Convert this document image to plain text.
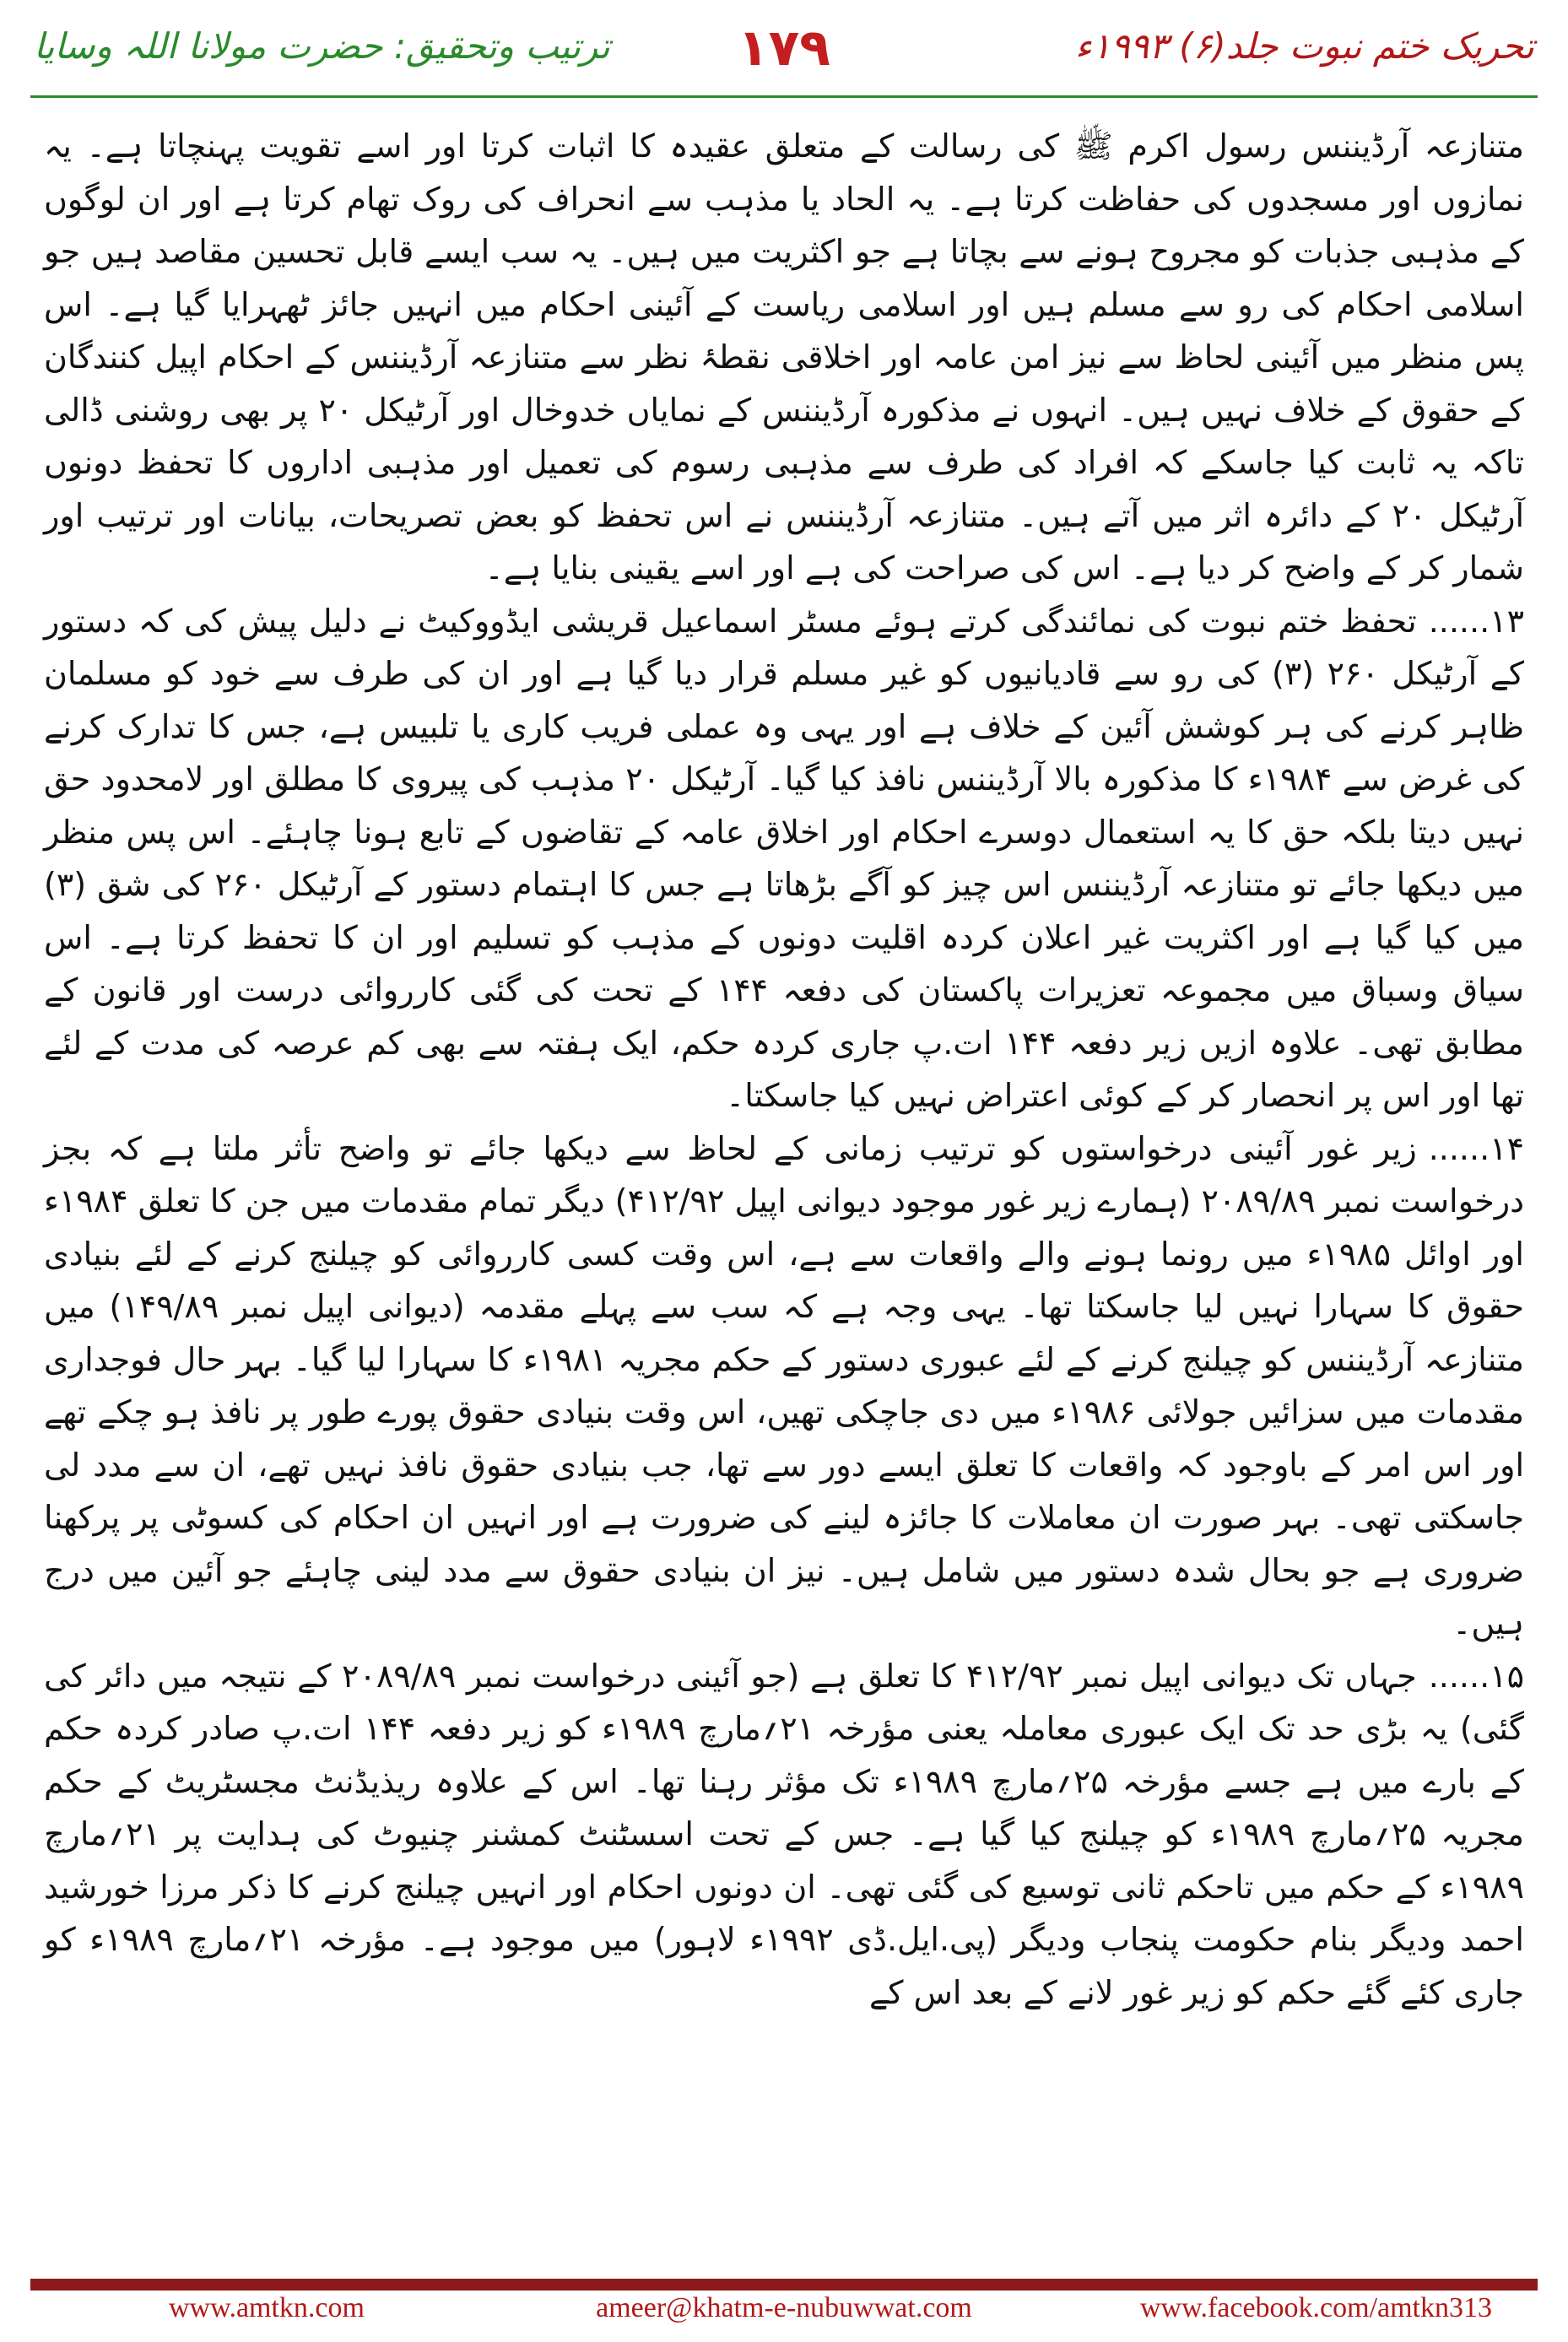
ترتیب وتحقیق: حضرت مولانا اللہ وسایا	۱۷۹	تحریک ختم نبوت جلد(۶) ۱۹۹۳ء

متنازعہ آرڈیننس رسول اکرم ﷺ کی رسالت کے متعلق عقیدہ کا اثبات کرتا اور اسے تقویت پہنچاتا ہے۔ یہ نمازوں اور مسجدوں کی حفاظت کرتا ہے۔ یہ الحاد یا مذہب سے انحراف کی روک تھام کرتا ہے اور ان لوگوں کے مذہبی جذبات کو مجروح ہونے سے بچاتا ہے جو اکثریت میں ہیں۔ یہ سب ایسے قابل تحسین مقاصد ہیں جو اسلامی احکام کی رو سے مسلم ہیں اور اسلامی ریاست کے آئینی احکام میں انہیں جائز ٹھہرایا گیا ہے۔ اس پس منظر میں آئینی لحاظ سے نیز امن عامہ اور اخلاقی نقطۂ نظر سے متنازعہ آرڈیننس کے احکام اپیل کنندگان کے حقوق کے خلاف نہیں ہیں۔ انہوں نے مذکورہ آرڈیننس کے نمایاں خدوخال اور آرٹیکل ۲۰ پر بھی روشنی ڈالی تاکہ یہ ثابت کیا جاسکے کہ افراد کی طرف سے مذہبی رسوم کی تعمیل اور مذہبی اداروں کا تحفظ دونوں آرٹیکل ۲۰ کے دائرہ اثر میں آتے ہیں۔ متنازعہ آرڈیننس نے اس تحفظ کو بعض تصریحات، بیانات اور ترتیب اور شمار کر کے واضح کر دیا ہے۔ اس کی صراحت کی ہے اور اسے یقینی بنایا ہے۔

۱۳......تحفظ ختم نبوت کی نمائندگی کرتے ہوئے مسٹر اسماعیل قریشی ایڈووکیٹ نے دلیل پیش کی کہ دستور کے آرٹیکل ۲۶۰ (۳) کی رو سے قادیانیوں کو غیر مسلم قرار دیا گیا ہے اور ان کی طرف سے خود کو مسلمان ظاہر کرنے کی ہر کوشش آئین کے خلاف ہے اور یہی وہ عملی فریب کاری یا تلبیس ہے، جس کا تدارک کرنے کی غرض سے ۱۹۸۴ء کا مذکورہ بالا آرڈیننس نافذ کیا گیا۔ آرٹیکل ۲۰ مذہب کی پیروی کا مطلق اور لامحدود حق نہیں دیتا بلکہ حق کا یہ استعمال دوسرے احکام اور اخلاق عامہ کے تقاضوں کے تابع ہونا چاہئے۔ اس پس منظر میں دیکھا جائے تو متنازعہ آرڈیننس اس چیز کو آگے بڑھاتا ہے جس کا اہتمام دستور کے آرٹیکل ۲۶۰ کی شق (۳) میں کیا گیا ہے اور اکثریت غیر اعلان کردہ اقلیت دونوں کے مذہب کو تسلیم اور ان کا تحفظ کرتا ہے۔ اس سیاق وسباق میں مجموعہ تعزیرات پاکستان کی دفعہ ۱۴۴ کے تحت کی گئی کارروائی درست اور قانون کے مطابق تھی۔ علاوہ ازیں زیر دفعہ ۱۴۴ ات.پ جاری کردہ حکم، ایک ہفتہ سے بھی کم عرصہ کی مدت کے لئے تھا اور اس پر انحصار کر کے کوئی اعتراض نہیں کیا جاسکتا۔

۱۴......زیر غور آئینی درخواستوں کو ترتیب زمانی کے لحاظ سے دیکھا جائے تو واضح تأثر ملتا ہے کہ بجز درخواست نمبر ۲۰۸۹/۸۹ (ہمارے زیر غور موجود دیوانی اپیل ۴۱۲/۹۲) دیگر تمام مقدمات میں جن کا تعلق ۱۹۸۴ء اور اوائل ۱۹۸۵ء میں رونما ہونے والے واقعات سے ہے، اس وقت کسی کارروائی کو چیلنج کرنے کے لئے بنیادی حقوق کا سہارا نہیں لیا جاسکتا تھا۔ یہی وجہ ہے کہ سب سے پہلے مقدمہ (دیوانی اپیل نمبر ۱۴۹/۸۹) میں متنازعہ آرڈیننس کو چیلنج کرنے کے لئے عبوری دستور کے حکم مجریہ ۱۹۸۱ء کا سہارا لیا گیا۔ بہر حال فوجداری مقدمات میں سزائیں جولائی ۱۹۸۶ء میں دی جاچکی تھیں، اس وقت بنیادی حقوق پورے طور پر نافذ ہو چکے تھے اور اس امر کے باوجود کہ واقعات کا تعلق ایسے دور سے تھا، جب بنیادی حقوق نافذ نہیں تھے، ان سے مدد لی جاسکتی تھی۔ بہر صورت ان معاملات کا جائزہ لینے کی ضرورت ہے اور انہیں ان احکام کی کسوٹی پر پرکھنا ضروری ہے جو بحال شدہ دستور میں شامل ہیں۔ نیز ان بنیادی حقوق سے مدد لینی چاہئے جو آئین میں درج ہیں۔

۱۵......جہاں تک دیوانی اپیل نمبر ۴۱۲/۹۲ کا تعلق ہے (جو آئینی درخواست نمبر ۲۰۸۹/۸۹ کے نتیجہ میں دائر کی گئی) یہ بڑی حد تک ایک عبوری معاملہ یعنی مؤرخہ ۲۱؍مارچ ۱۹۸۹ء کو زیر دفعہ ۱۴۴ ات.پ صادر کردہ حکم کے بارے میں ہے جسے مؤرخہ ۲۵؍مارچ ۱۹۸۹ء تک مؤثر رہنا تھا۔ اس کے علاوہ ریذیڈنٹ مجسٹریٹ کے حکم مجریہ ۲۵؍مارچ ۱۹۸۹ء کو چیلنج کیا گیا ہے۔ جس کے تحت اسسٹنٹ کمشنر چنیوٹ کی ہدایت پر ۲۱؍مارچ ۱۹۸۹ء کے حکم میں تاحکم ثانی توسیع کی گئی تھی۔ ان دونوں احکام اور انہیں چیلنج کرنے کا ذکر مرزا خورشید احمد ودیگر بنام حکومت پنجاب ودیگر (پی.ایل.ڈی ۱۹۹۲ء لاہور) میں موجود ہے۔ مؤرخہ ۲۱؍مارچ ۱۹۸۹ء کو جاری کئے گئے حکم کو زیر غور لانے کے بعد اس کے

www.amtkn.com	ameer@khatm-e-nubuwwat.com	www.facebook.com/amtkn313
